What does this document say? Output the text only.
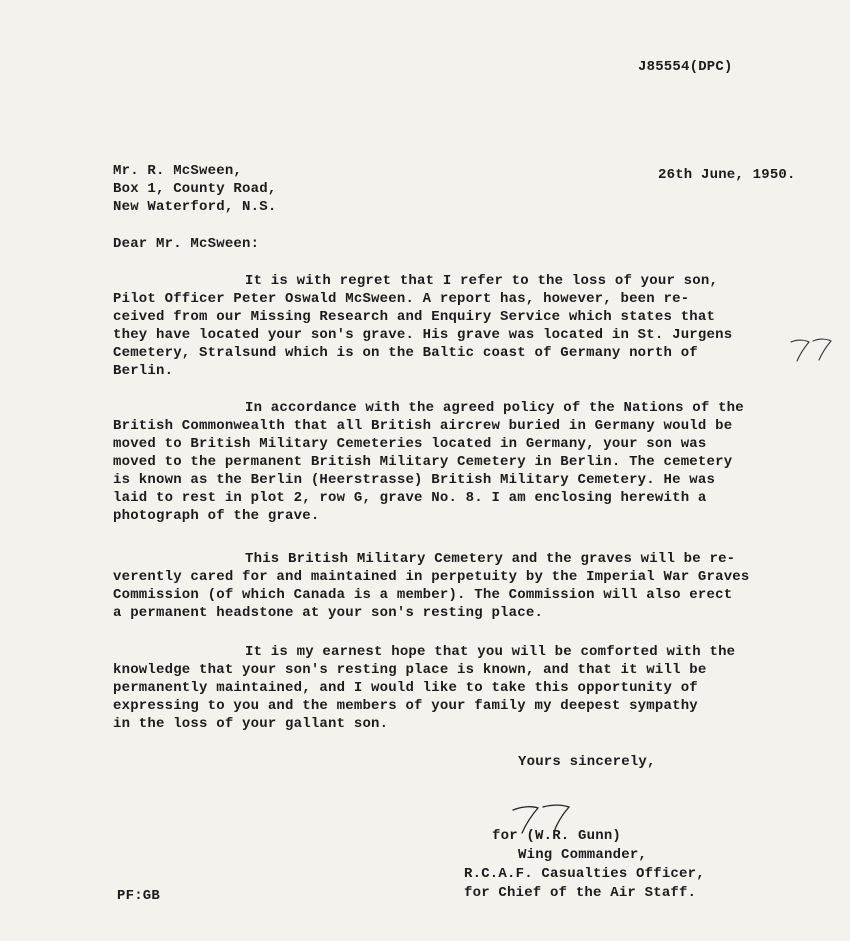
J85554(DPC)
26th June, 1950.
Mr. R. McSween,
Box 1, County Road,
New Waterford, N.S.
Dear Mr. McSween:
It is with regret that I refer to the loss of your son,
Pilot Officer Peter Oswald McSween. A report has, however, been re-
ceived from our Missing Research and Enquiry Service which states that
they have located your son's grave. His grave was located in St. Jurgens
Cemetery, Stralsund which is on the Baltic coast of Germany north of
Berlin.
In accordance with the agreed policy of the Nations of the
British Commonwealth that all British aircrew buried in Germany would be
moved to British Military Cemeteries located in Germany, your son was
moved to the permanent British Military Cemetery in Berlin. The cemetery
is known as the Berlin (Heerstrasse) British Military Cemetery. He was
laid to rest in plot 2, row G, grave No. 8. I am enclosing herewith a
photograph of the grave.
This British Military Cemetery and the graves will be re-
verently cared for and maintained in perpetuity by the Imperial War Graves
Commission (of which Canada is a member). The Commission will also erect
a permanent headstone at your son's resting place.
It is my earnest hope that you will be comforted with the
knowledge that your son's resting place is known, and that it will be
permanently maintained, and I would like to take this opportunity of
expressing to you and the members of your family my deepest sympathy
in the loss of your gallant son.
Yours sincerely,
for (W.R. Gunn)
Wing Commander,
R.C.A.F. Casualties Officer,
for Chief of the Air Staff.
PF:GB
